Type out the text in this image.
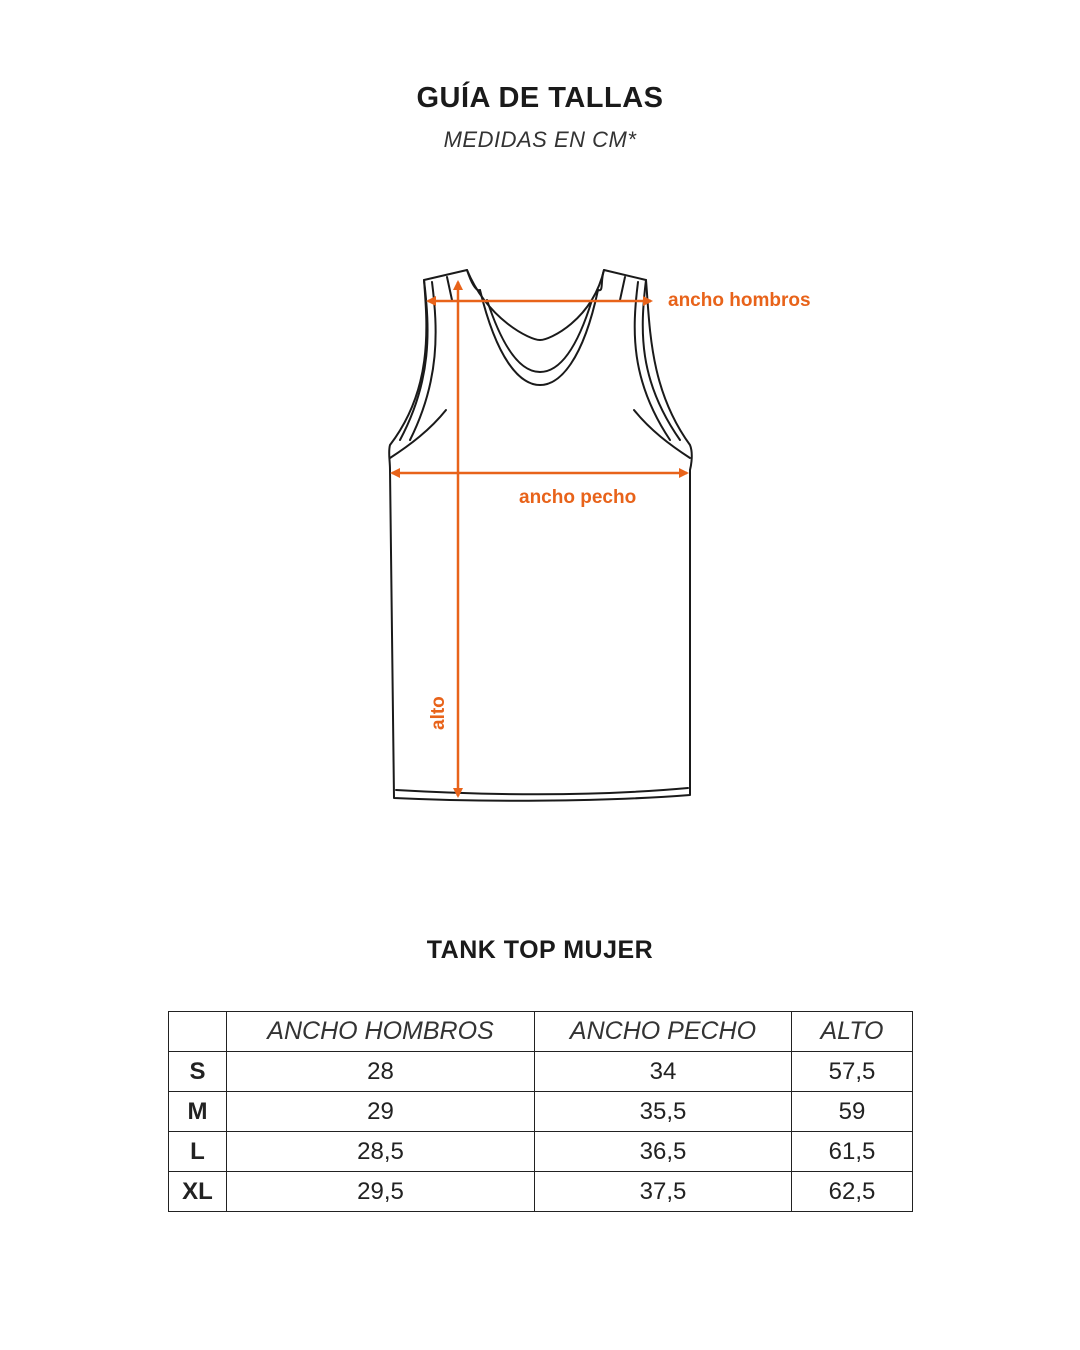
GUÍA DE TALLAS
MEDIDAS EN CM*
ancho hombros
ancho pecho
alto
TANK TOP MUJER
	ANCHO HOMBROS	ANCHO PECHO	ALTO
S	28	34	57,5
M	29	35,5	59
L	28,5	36,5	61,5
XL	29,5	37,5	62,5
